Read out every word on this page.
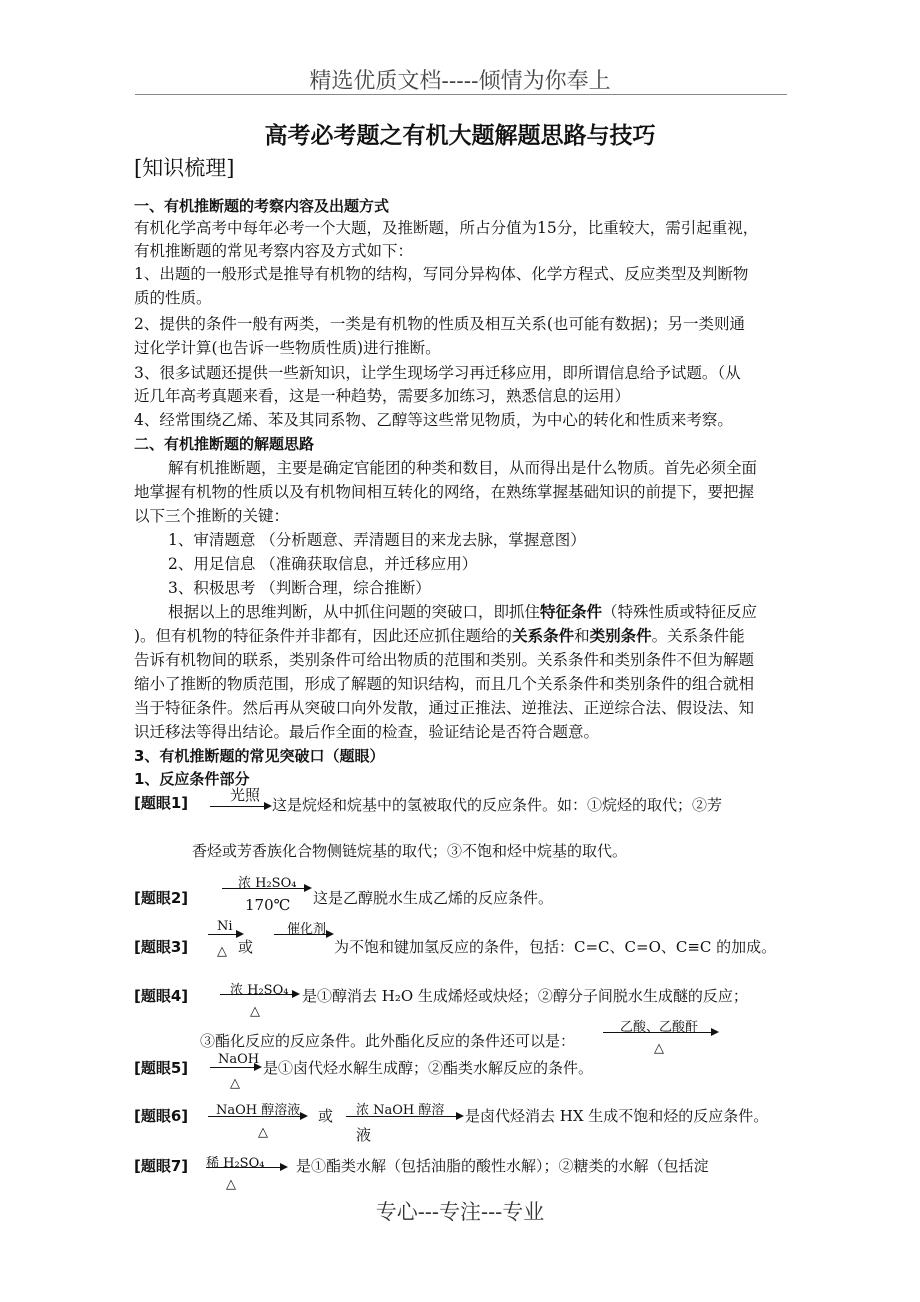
精选优质文档-----倾情为你奉上
高考必考题之有机大题解题思路与技巧
[知识梳理]
一、有机推断题的考察内容及出题方式
有机化学高考中每年必考一个大题，及推断题，所占分值为15分，比重较大，需引起重视，
有机推断题的常见考察内容及方式如下：
1、出题的一般形式是推导有机物的结构，写同分异构体、化学方程式、反应类型及判断物
质的性质。
2、提供的条件一般有两类，一类是有机物的性质及相互关系(也可能有数据)；另一类则通
过化学计算(也告诉一些物质性质)进行推断。
3、很多试题还提供一些新知识，让学生现场学习再迁移应用，即所谓信息给予试题。（从
近几年高考真题来看，这是一种趋势，需要多加练习，熟悉信息的运用）
4、经常围绕乙烯、苯及其同系物、乙醇等这些常见物质，为中心的转化和性质来考察。
二、有机推断题的解题思路
解有机推断题，主要是确定官能团的种类和数目，从而得出是什么物质。首先必须全面
地掌握有机物的性质以及有机物间相互转化的网络，在熟练掌握基础知识的前提下，要把握
以下三个推断的关键：
1、审清题意 （分析题意、弄清题目的来龙去脉，掌握意图）
2、用足信息 （准确获取信息，并迁移应用）
3、积极思考 （判断合理，综合推断）
根据以上的思维判断，从中抓住问题的突破口，即抓住特征条件（特殊性质或特征反应
)。但有机物的特征条件并非都有，因此还应抓住题给的关系条件和类别条件。关系条件能
告诉有机物间的联系，类别条件可给出物质的范围和类别。关系条件和类别条件不但为解题
缩小了推断的物质范围，形成了解题的知识结构，而且几个关系条件和类别条件的组合就相
当于特征条件。然后再从突破口向外发散，通过正推法、逆推法、正逆综合法、假设法、知
识迁移法等得出结论。最后作全面的检查，验证结论是否符合题意。
3、有机推断题的常见突破口（题眼）
1、反应条件部分
[题眼1]	光照
→ 这是烷烃和烷基中的氢被取代的反应条件。如：①烷烃的取代；②芳
香烃或芳香族化合物侧链烷基的取代；③不饱和烃中烷基的取代。
[题眼2]
浓 H₂SO₄
170℃ 这是乙醇脱水生成乙烯的反应条件。
[题眼3]
Ni
△ 或
催化剂
为不饱和键加氢反应的条件，包括：C=C、C=O、C≡C 的加成。
[题眼4]	浓 H₂SO₄
△
是①醇消去 H₂O 生成烯烃或炔烃；②醇分子间脱水生成醚的反应；
③酯化反应的反应条件。此外酯化反应的条件还可以是：
乙酸、乙酸酐
△
[题眼5] NaOH
△
是①卤代烃水解生成醇；②酯类水解反应的条件。
[题眼6] NaOH 醇溶液
△
或 浓 NaOH 醇溶
液
是卤代烃消去 HX 生成不饱和烃的反应条件。
[题眼7] 稀 H₂SO₄
△
是①酯类水解（包括油脂的酸性水解）；②糖类的水解（包括淀
专心---专注---专业
